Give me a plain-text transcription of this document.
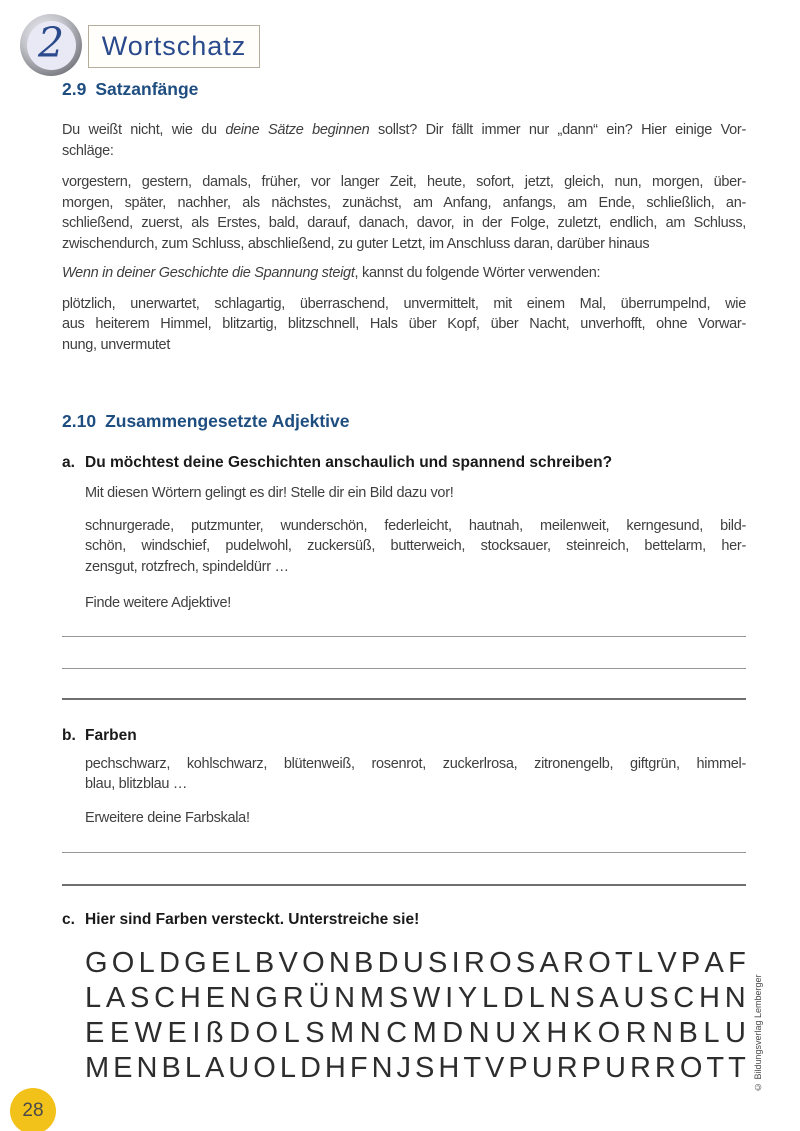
2 Wortschatz
2.9 Satzanfänge
Du weißt nicht, wie du deine Sätze beginnen sollst? Dir fällt immer nur „dann“ ein? Hier einige Vor-
schläge:
vorgestern, gestern, damals, früher, vor langer Zeit, heute, sofort, jetzt, gleich, nun, morgen, über-
morgen, später, nachher, als nächstes, zunächst, am Anfang, anfangs, am Ende, schließlich, an-
schließend, zuerst, als Erstes, bald, darauf, danach, davor, in der Folge, zuletzt, endlich, am Schluss,
zwischendurch, zum Schluss, abschließend, zu guter Letzt, im Anschluss daran, darüber hinaus
Wenn in deiner Geschichte die Spannung steigt, kannst du folgende Wörter verwenden:
plötzlich, unerwartet, schlagartig, überraschend, unvermittelt, mit einem Mal, überrumpelnd, wie
aus heiterem Himmel, blitzartig, blitzschnell, Hals über Kopf, über Nacht, unverhofft, ohne Vorwar-
nung, unvermutet
2.10 Zusammengesetzte Adjektive
a. Du möchtest deine Geschichten anschaulich und spannend schreiben?
Mit diesen Wörtern gelingt es dir! Stelle dir ein Bild dazu vor!
schnurgerade, putzmunter, wunderschön, federleicht, hautnah, meilenweit, kerngesund, bild-
schön, windschief, pudelwohl, zuckersüß, butterweich, stocksauer, steinreich, bettelarm, her-
zensgut, rotzfrech, spindeldürr …
Finde weitere Adjektive!
b. Farben
pechschwarz, kohlschwarz, blütenweiß, rosenrot, zuckerlrosa, zitronengelb, giftgrün, himmel-
blau, blitzblau …
Erweitere deine Farbskala!
c. Hier sind Farben versteckt. Unterstreiche sie!
G O L D G E L B V O N B D U S I R O S A R O T L V P A F
L A S C H E N G R Ü N M S W I Y L D L N S A U S C H N
E E W E I ß D O L S M N C M D N U X H K O R N B L U
M E N B L A U O L D H F N J S H T V P U R P U R R O T T
28
© Bildungsverlag Lemberger
